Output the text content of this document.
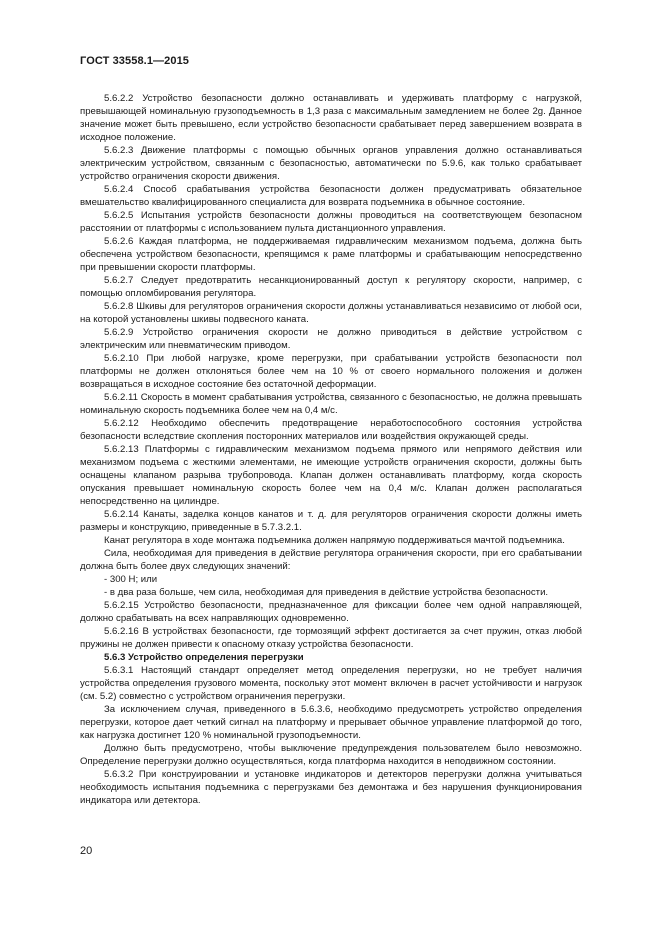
ГОСТ 33558.1—2015

5.6.2.2 Устройство безопасности должно останавливать и удерживать платформу с нагрузкой, превышающей номинальную грузоподъемность в 1,3 раза с максимальным замедлением не более 2g. Данное значение может быть превышено, если устройство безопасности срабатывает перед завершением возврата в исходное положение.

5.6.2.3 Движение платформы с помощью обычных органов управления должно останавливаться электрическим устройством, связанным с безопасностью, автоматически по 5.9.6, как только срабатывает устройство ограничения скорости движения.

5.6.2.4 Способ срабатывания устройства безопасности должен предусматривать обязательное вмешательство квалифицированного специалиста для возврата подъемника в обычное состояние.

5.6.2.5 Испытания устройств безопасности должны проводиться на соответствующем безопасном расстоянии от платформы с использованием пульта дистанционного управления.

5.6.2.6 Каждая платформа, не поддерживаемая гидравлическим механизмом подъема, должна быть обеспечена устройством безопасности, крепящимся к раме платформы и срабатывающим непосредственно при превышении скорости платформы.

5.6.2.7 Следует предотвратить несанкционированный доступ к регулятору скорости, например, с помощью опломбирования регулятора.

5.6.2.8 Шкивы для регуляторов ограничения скорости должны устанавливаться независимо от любой оси, на которой установлены шкивы подвесного каната.

5.6.2.9 Устройство ограничения скорости не должно приводиться в действие устройством с электрическим или пневматическим приводом.

5.6.2.10 При любой нагрузке, кроме перегрузки, при срабатывании устройств безопасности пол платформы не должен отклоняться более чем на 10 % от своего нормального положения и должен возвращаться в исходное состояние без остаточной деформации.

5.6.2.11 Скорость в момент срабатывания устройства, связанного с безопасностью, не должна превышать номинальную скорость подъемника более чем на 0,4 м/с.

5.6.2.12 Необходимо обеспечить предотвращение неработоспособного состояния устройства безопасности вследствие скопления посторонних материалов или воздействия окружающей среды.

5.6.2.13 Платформы с гидравлическим механизмом подъема прямого или непрямого действия или механизмом подъема с жесткими элементами, не имеющие устройств ограничения скорости, должны быть оснащены клапаном разрыва трубопровода. Клапан должен останавливать платформу, когда скорость опускания превышает номинальную скорость более чем на 0,4 м/с. Клапан должен располагаться непосредственно на цилиндре.

5.6.2.14 Канаты, заделка концов канатов и т. д. для регуляторов ограничения скорости должны иметь размеры и конструкцию, приведенные в 5.7.3.2.1.

Канат регулятора в ходе монтажа подъемника должен напрямую поддерживаться мачтой подъемника.

Сила, необходимая для приведения в действие регулятора ограничения скорости, при его срабатывании должна быть более двух следующих значений:

- 300 Н; или

- в два раза больше, чем сила, необходимая для приведения в действие устройства безопасности.

5.6.2.15 Устройство безопасности, предназначенное для фиксации более чем одной направляющей, должно срабатывать на всех направляющих одновременно.

5.6.2.16 В устройствах безопасности, где тормозящий эффект достигается за счет пружин, отказ любой пружины не должен привести к опасному отказу устройства безопасности.

5.6.3 Устройство определения перегрузки

5.6.3.1 Настоящий стандарт определяет метод определения перегрузки, но не требует наличия устройства определения грузового момента, поскольку этот момент включен в расчет устойчивости и нагрузок (см. 5.2) совместно с устройством ограничения перегрузки.

За исключением случая, приведенного в 5.6.3.6, необходимо предусмотреть устройство определения перегрузки, которое дает четкий сигнал на платформу и прерывает обычное управление платформой до того, как нагрузка достигнет 120 % номинальной грузоподъемности.

Должно быть предусмотрено, чтобы выключение предупреждения пользователем было невозможно. Определение перегрузки должно осуществляться, когда платформа находится в неподвижном состоянии.

5.6.3.2 При конструировании и установке индикаторов и детекторов перегрузки должна учитываться необходимость испытания подъемника с перегрузками без демонтажа и без нарушения функционирования индикатора или детектора.

20
